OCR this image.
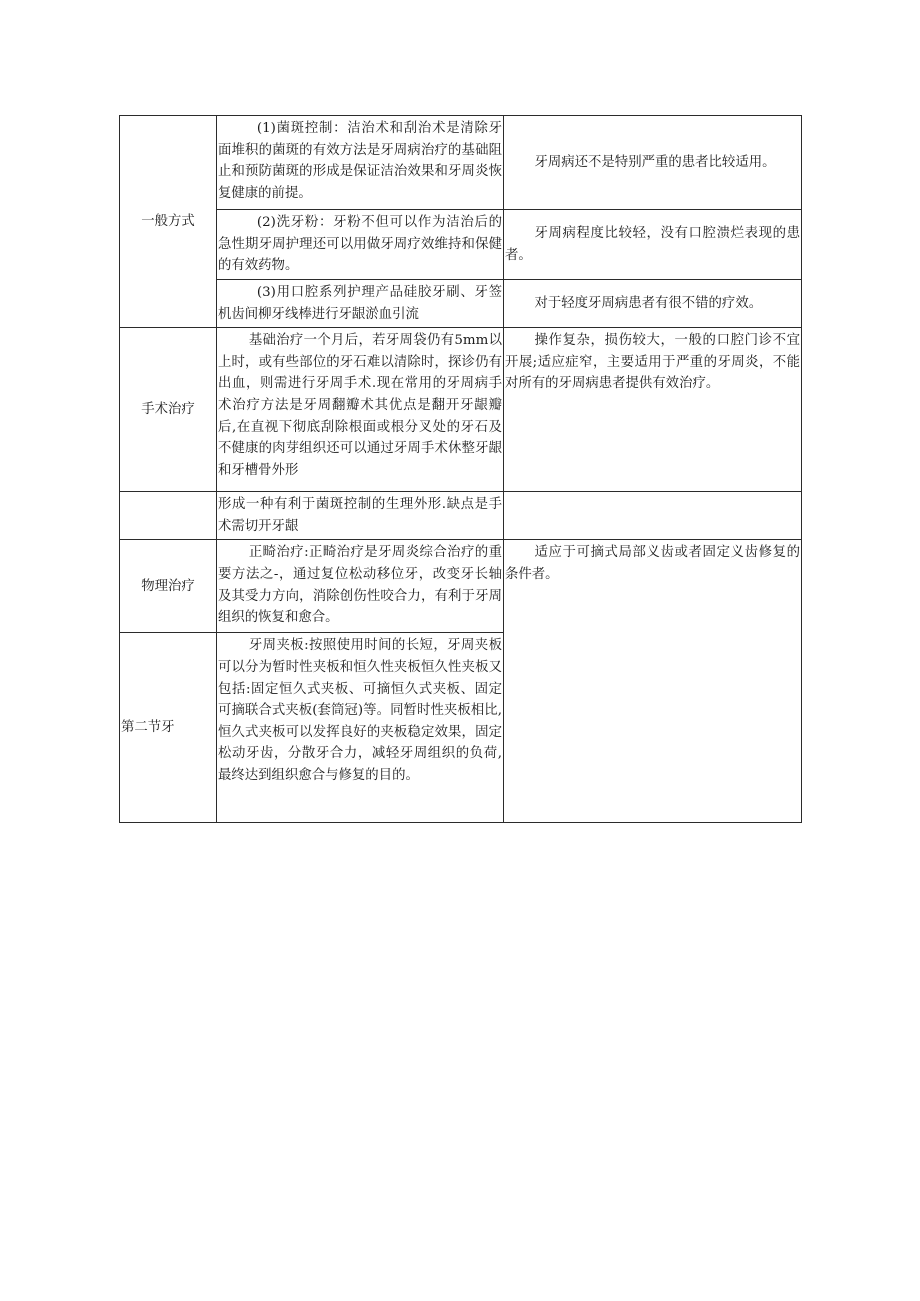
一般方式	(1)菌斑控制：洁治术和刮治术是清除牙面堆积的菌斑的有效方法是牙周病治疗的基础阻止和预防菌斑的形成是保证洁治效果和牙周炎恢复健康的前提。	牙周病还不是特别严重的患者比较适用。
	(2)洗牙粉：牙粉不但可以作为洁治后的急性期牙周护理还可以用做牙周疗效维持和保健的有效药物。	牙周病程度比较轻，没有口腔溃烂表现的患者。
	(3)用口腔系列护理产品硅胶牙刷、牙签机齿间柳牙线棒进行牙龈淤血引流	对于轻度牙周病患者有很不错的疗效。
手术治疗	基础治疗一个月后，若牙周袋仍有5mm以上时，或有些部位的牙石难以清除时，探诊仍有出血，则需进行牙周手术.现在常用的牙周病手术治疗方法是牙周翻瓣术其优点是翻开牙龈瓣后,在直视下彻底刮除根面或根分叉处的牙石及不健康的肉芽组织还可以通过牙周手术休整牙龈和牙槽骨外形	操作复杂，损伤较大，一般的口腔门诊不宜开展;适应症窄，主要适用于严重的牙周炎，不能对所有的牙周病患者提供有效治疗。
	形成一种有利于菌斑控制的生理外形.缺点是手术需切开牙龈	
物理治疗	正畸治疗:正畸治疗是牙周炎综合治疗的重要方法之-，通过复位松动移位牙，改变牙长轴及其受力方向，消除创伤性咬合力，有利于牙周组织的恢复和愈合。	适应于可摘式局部义齿或者固定义齿修复的条件者。
第二节牙	牙周夹板:按照使用时间的长短，牙周夹板可以分为暂时性夹板和恒久性夹板恒久性夹板又包括:固定恒久式夹板、可摘恒久式夹板、固定可摘联合式夹板(套筒冠)等。同暂时性夹板相比,恒久式夹板可以发挥良好的夹板稳定效果，固定松动牙齿，分散牙合力，减轻牙周组织的负荷,最终达到组织愈合与修复的目的。	
